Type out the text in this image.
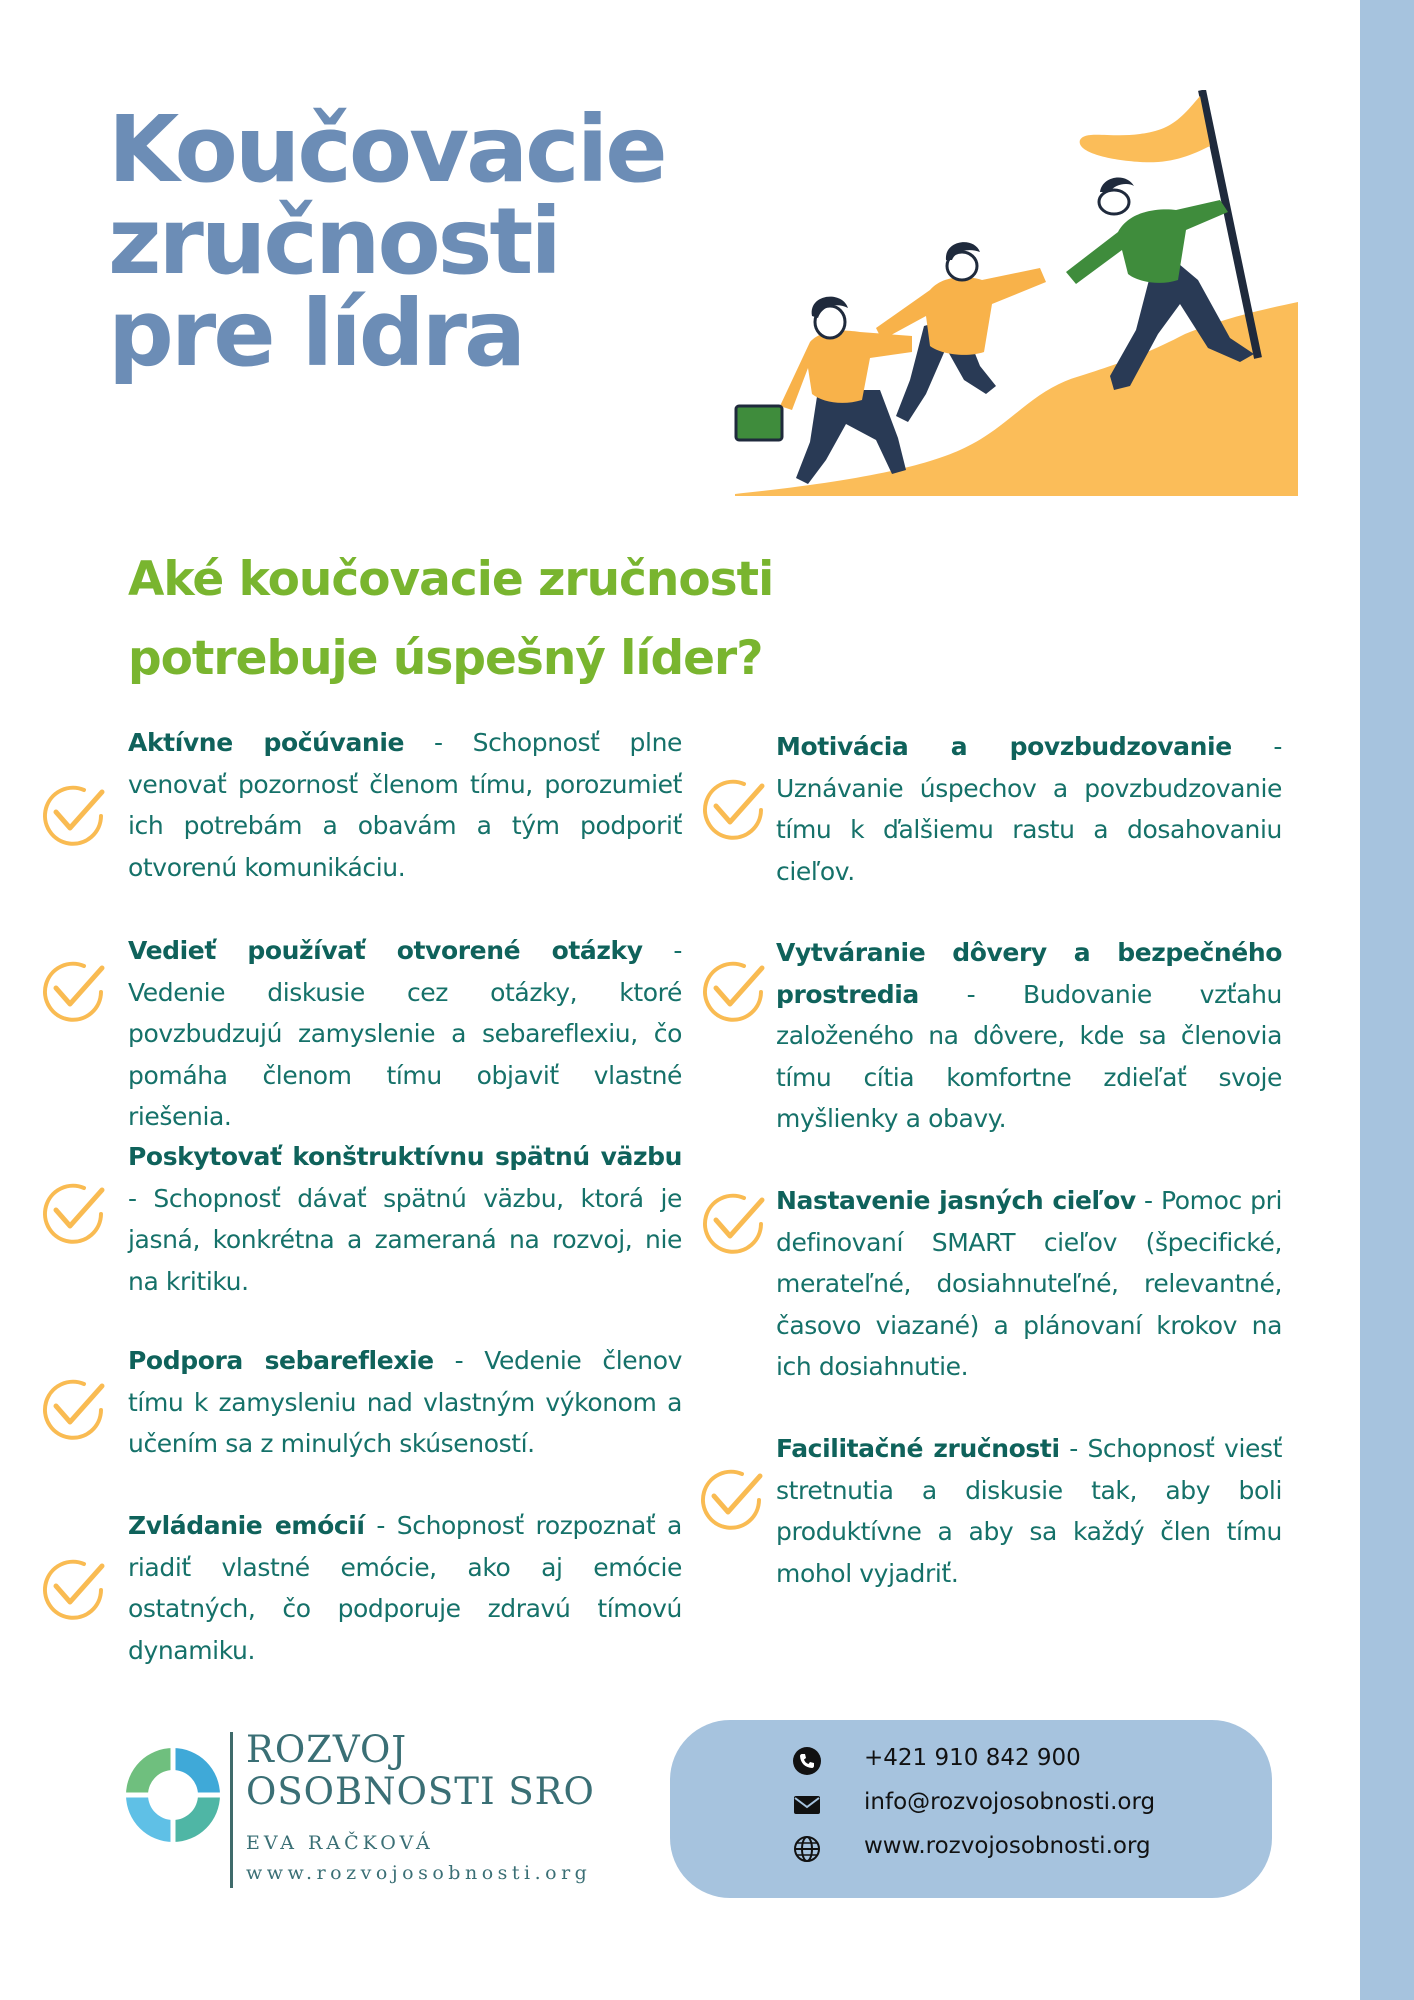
Koučovacie
zručnosti
pre lídra
Aké koučovacie zručnosti
potrebuje úspešný líder?

Aktívne počúvanie - Schopnosť plne venovať pozornosť členom tímu, porozumieť ich potrebám a obavám a tým podporiť otvorenú komunikáciu.

Vedieť používať otvorené otázky - Vedenie diskusie cez otázky, ktoré povzbudzujú zamyslenie a sebareflexiu, čo pomáha členom tímu objaviť vlastné riešenia.

Poskytovať konštruktívnu spätnú väzbu - Schopnosť dávať spätnú väzbu, ktorá je jasná, konkrétna a zameraná na rozvoj, nie na kritiku.

Podpora sebareflexie - Vedenie členov tímu k zamysleniu nad vlastným výkonom a učením sa z minulých skúseností.

Zvládanie emócií - Schopnosť rozpoznať a riadiť vlastné emócie, ako aj emócie ostatných, čo podporuje zdravú tímovú dynamiku.

Motivácia a povzbudzovanie - Uznávanie úspechov a povzbudzovanie tímu k ďalšiemu rastu a dosahovaniu cieľov.

Vytváranie dôvery a bezpečného prostredia - Budovanie vzťahu založeného na dôvere, kde sa členovia tímu cítia komfortne zdieľať svoje myšlienky a obavy.

Nastavenie jasných cieľov - Pomoc pri definovaní SMART cieľov (špecifické, merateľné, dosiahnuteľné, relevantné, časovo viazané) a plánovaní krokov na ich dosiahnutie.

Facilitačné zručnosti - Schopnosť viesť stretnutia a diskusie tak, aby boli produktívne a aby sa každý člen tímu mohol vyjadriť.

ROZVOJ
OSOBNOSTI SRO
EVA RAČKOVÁ
www.rozvojosobnosti.org
+421 910 842 900
info@rozvojosobnosti.org
www.rozvojosobnosti.org
